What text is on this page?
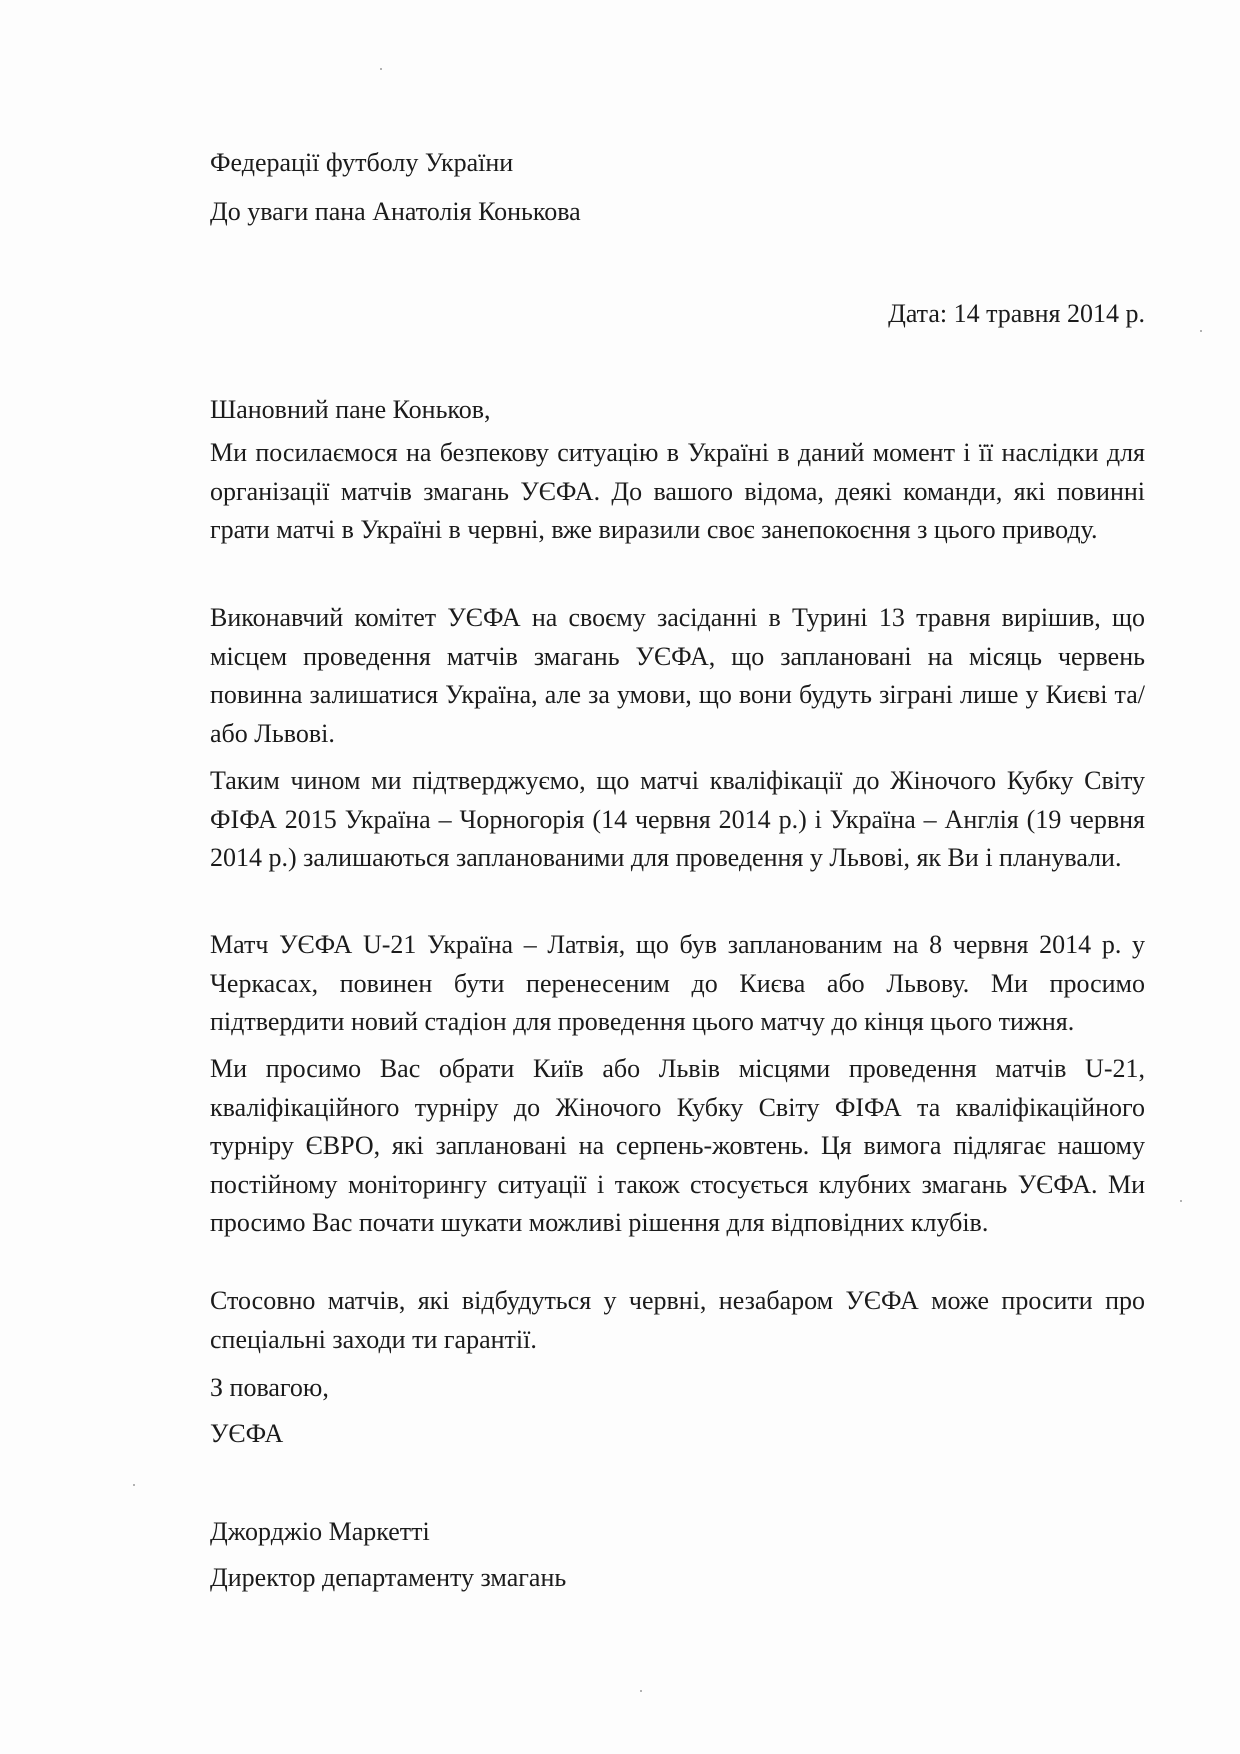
Федерації футболу України
До уваги пана Анатолія Конькова
Дата: 14 травня 2014 р.
Шановний пане Коньков,

Ми посилаємося на безпекову ситуацію в Україні в даний момент і її наслідки для організації матчів змагань УЄФА. До вашого відома, деякі команди, які повинні грати матчі в Україні в червні, вже виразили своє занепокоєння з цього приводу.

Виконавчий комітет УЄФА на своєму засіданні в Турині 13 травня вирішив, що місцем проведення матчів змагань УЄФА, що заплановані на місяць червень повинна залишатися Україна, але за умови, що вони будуть зіграні лише у Києві та/або Львові.

Таким чином ми підтверджуємо, що матчі кваліфікації до Жіночого Кубку Світу ФІФА 2015 Україна – Чорногорія (14 червня 2014 р.) і Україна – Англія (19 червня 2014 р.) залишаються запланованими для проведення у Львові, як Ви і планували.

Матч УЄФА U-21 Україна – Латвія, що був запланованим на 8 червня 2014 р. у Черкасах, повинен бути перенесеним до Києва або Львову. Ми просимо підтвердити новий стадіон для проведення цього матчу до кінця цього тижня.

Ми просимо Вас обрати Київ або Львів місцями проведення матчів U-21, кваліфікаційного турніру до Жіночого Кубку Світу ФІФА та кваліфікаційного турніру ЄВРО, які заплановані на серпень-жовтень. Ця вимога підлягає нашому постійному моніторингу ситуації і також стосується клубних змагань УЄФА. Ми просимо Вас почати шукати можливі рішення для відповідних клубів.

Стосовно матчів, які відбудуться у червні, незабаром УЄФА може просити про спеціальні заходи ти гарантії.

З повагою,
УЄФА
Джорджіо Маркетті
Директор департаменту змагань
